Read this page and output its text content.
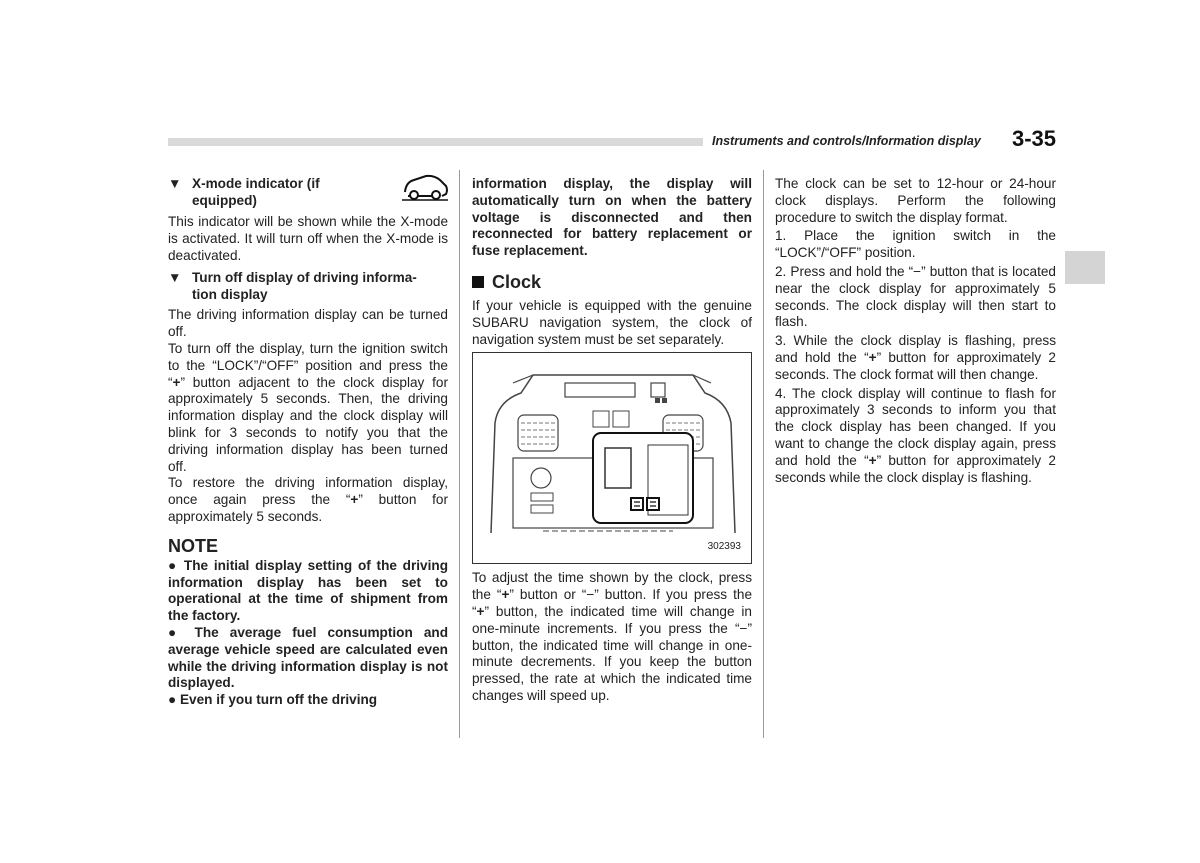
Instruments and controls/Information display 3-35
▼ X-mode indicator (if
equipped)

This indicator will be shown while the X-mode is activated. It will turn off when the X-mode is deactivated.

▼ Turn off display of driving informa-
tion display

The driving information display can be turned off.

To turn off the display, turn the ignition switch to the “LOCK”/“OFF” position and press the “+” button adjacent to the clock display for approximately 5 seconds. Then, the driving information display and the clock display will blink for 3 seconds to notify you that the driving information display has been turned off.

To restore the driving information display, once again press the “+” button for approximately 5 seconds.

NOTE

● The initial display setting of the driving information display has been set to operational at the time of shipment from the factory.

● The average fuel consumption and average vehicle speed are calculated even while the driving information display is not displayed.

● Even if you turn off the driving

information display, the display will automatically turn on when the battery voltage is disconnected and then reconnected for battery replacement or fuse replacement.

Clock

If your vehicle is equipped with the genuine SUBARU navigation system, the clock of navigation system must be set separately.

302393

To adjust the time shown by the clock, press the “+” button or “−” button. If you press the “+” button, the indicated time will change in one-minute increments. If you press the “−” button, the indicated time will change in one-minute decrements. If you keep the button pressed, the rate at which the indicated time changes will speed up.

The clock can be set to 12-hour or 24-hour clock displays. Perform the following procedure to switch the display format.

1. Place the ignition switch in the “LOCK”/“OFF” position.

2. Press and hold the “−” button that is located near the clock display for approximately 5 seconds. The clock display will then start to flash.

3. While the clock display is flashing, press and hold the “+” button for approximately 2 seconds. The clock format will then change.

4. The clock display will continue to flash for approximately 3 seconds to inform you that the clock display has been changed. If you want to change the clock display again, press and hold the “+” button for approximately 2 seconds while the clock display is flashing.
